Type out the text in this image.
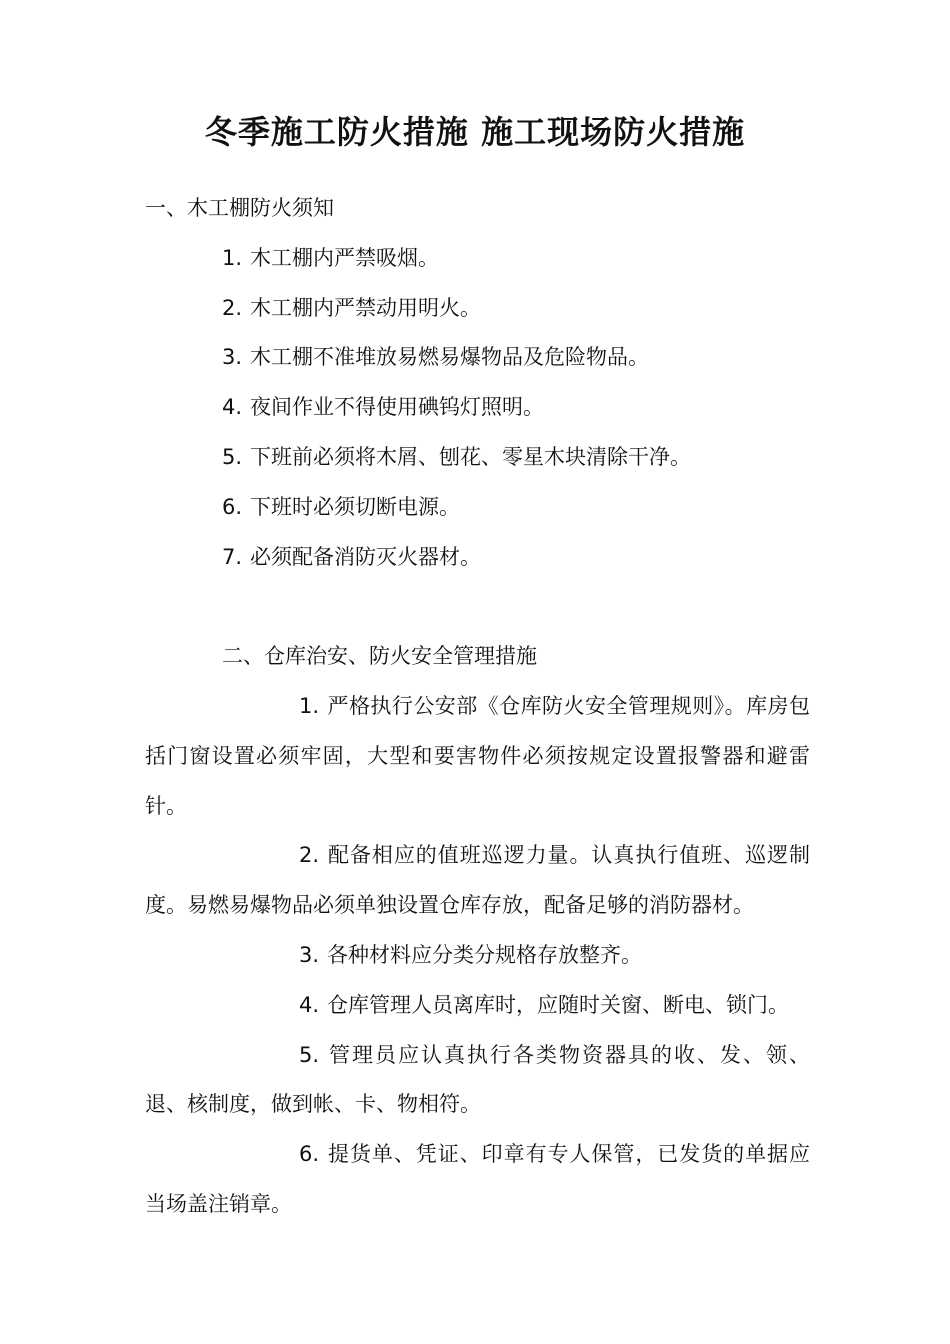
冬季施工防火措施 施工现场防火措施

一、木工棚防火须知

1. 木工棚内严禁吸烟。

2. 木工棚内严禁动用明火。

3. 木工棚不准堆放易燃易爆物品及危险物品。

4. 夜间作业不得使用碘钨灯照明。

5. 下班前必须将木屑、刨花、零星木块清除干净。

6. 下班时必须切断电源。

7. 必须配备消防灭火器材。

二、仓库治安、防火安全管理措施

1. 严格执行公安部《仓库防火安全管理规则》。库房包括门窗设置必须牢固，大型和要害物件必须按规定设置报警器和避雷针。

2. 配备相应的值班巡逻力量。认真执行值班、巡逻制度。易燃易爆物品必须单独设置仓库存放，配备足够的消防器材。

3. 各种材料应分类分规格存放整齐。

4. 仓库管理人员离库时，应随时关窗、断电、锁门。

5. 管理员应认真执行各类物资器具的收、发、领、退、核制度，做到帐、卡、物相符。

6. 提货单、凭证、印章有专人保管，已发货的单据应当场盖注销章。
